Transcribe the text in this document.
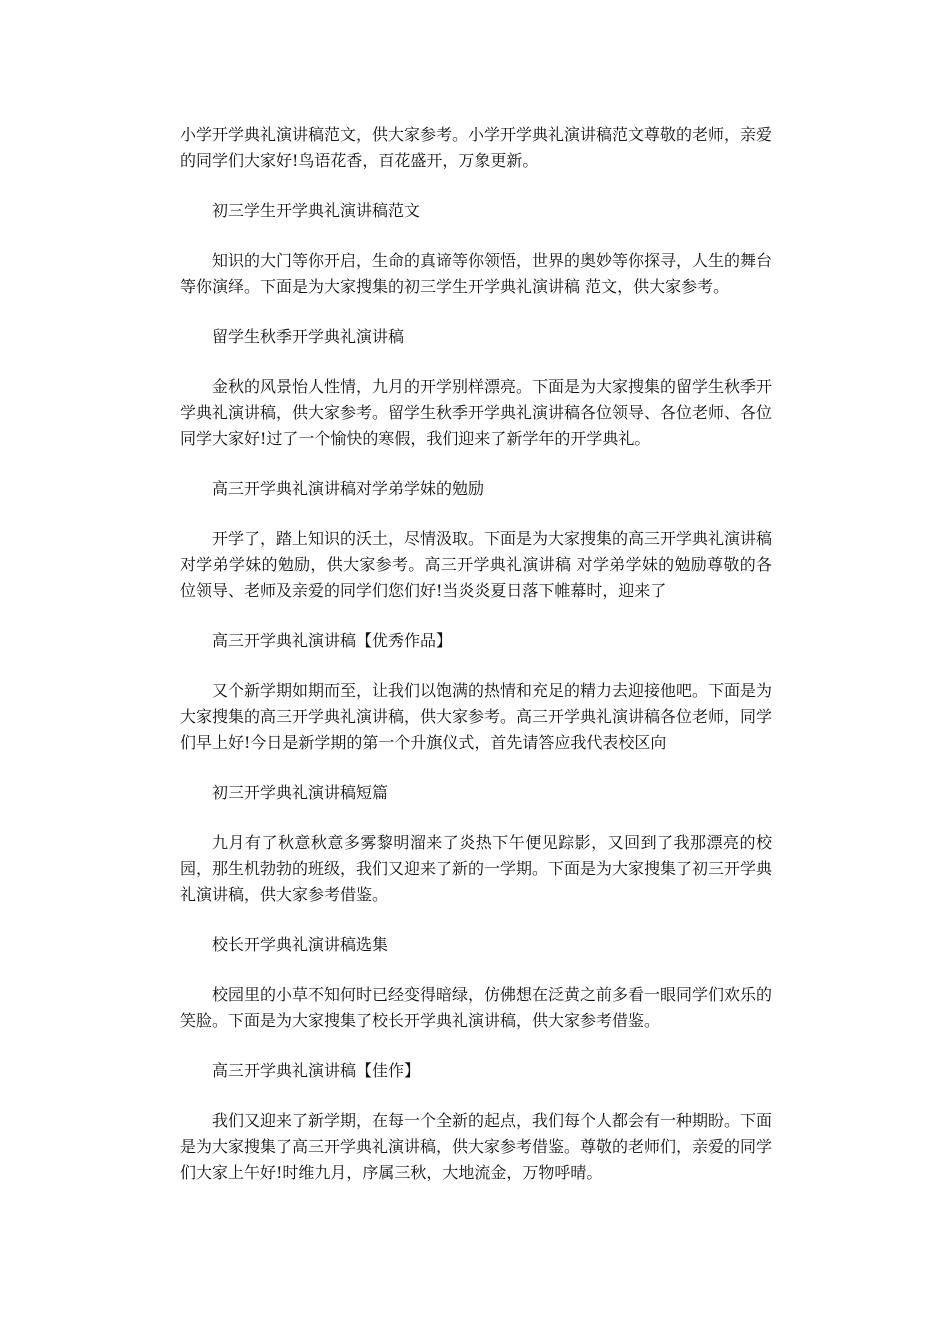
小学开学典礼演讲稿范文，供大家参考。小学开学典礼演讲稿范文尊敬的老师，亲爱的同学们大家好!鸟语花香，百花盛开，万象更新。

初三学生开学典礼演讲稿范文

知识的大门等你开启，生命的真谛等你领悟，世界的奥妙等你探寻，人生的舞台等你演绎。下面是为大家搜集的初三学生开学典礼演讲稿 范文，供大家参考。

留学生秋季开学典礼演讲稿

金秋的风景怡人性情，九月的开学别样漂亮。下面是为大家搜集的留学生秋季开学典礼演讲稿，供大家参考。留学生秋季开学典礼演讲稿各位领导、各位老师、各位同学大家好!过了一个愉快的寒假，我们迎来了新学年的开学典礼。

高三开学典礼演讲稿对学弟学妹的勉励

开学了，踏上知识的沃土，尽情汲取。下面是为大家搜集的高三开学典礼演讲稿对学弟学妹的勉励，供大家参考。高三开学典礼演讲稿 对学弟学妹的勉励尊敬的各位领导、老师及亲爱的同学们您们好!当炎炎夏日落下帷幕时，迎来了

高三开学典礼演讲稿【优秀作品】

又个新学期如期而至，让我们以饱满的热情和充足的精力去迎接他吧。下面是为大家搜集的高三开学典礼演讲稿，供大家参考。高三开学典礼演讲稿各位老师，同学们早上好!今日是新学期的第一个升旗仪式，首先请答应我代表校区向

初三开学典礼演讲稿短篇

九月有了秋意秋意多雾黎明溜来了炎热下午便见踪影，又回到了我那漂亮的校园，那生机勃勃的班级，我们又迎来了新的一学期。下面是为大家搜集了初三开学典礼演讲稿，供大家参考借鉴。

校长开学典礼演讲稿选集

校园里的小草不知何时已经变得暗绿，仿佛想在泛黄之前多看一眼同学们欢乐的笑脸。下面是为大家搜集了校长开学典礼演讲稿，供大家参考借鉴。

高三开学典礼演讲稿【佳作】

我们又迎来了新学期，在每一个全新的起点，我们每个人都会有一种期盼。下面是为大家搜集了高三开学典礼演讲稿，供大家参考借鉴。尊敬的老师们，亲爱的同学们大家上午好!时维九月，序属三秋，大地流金，万物呼晴。
